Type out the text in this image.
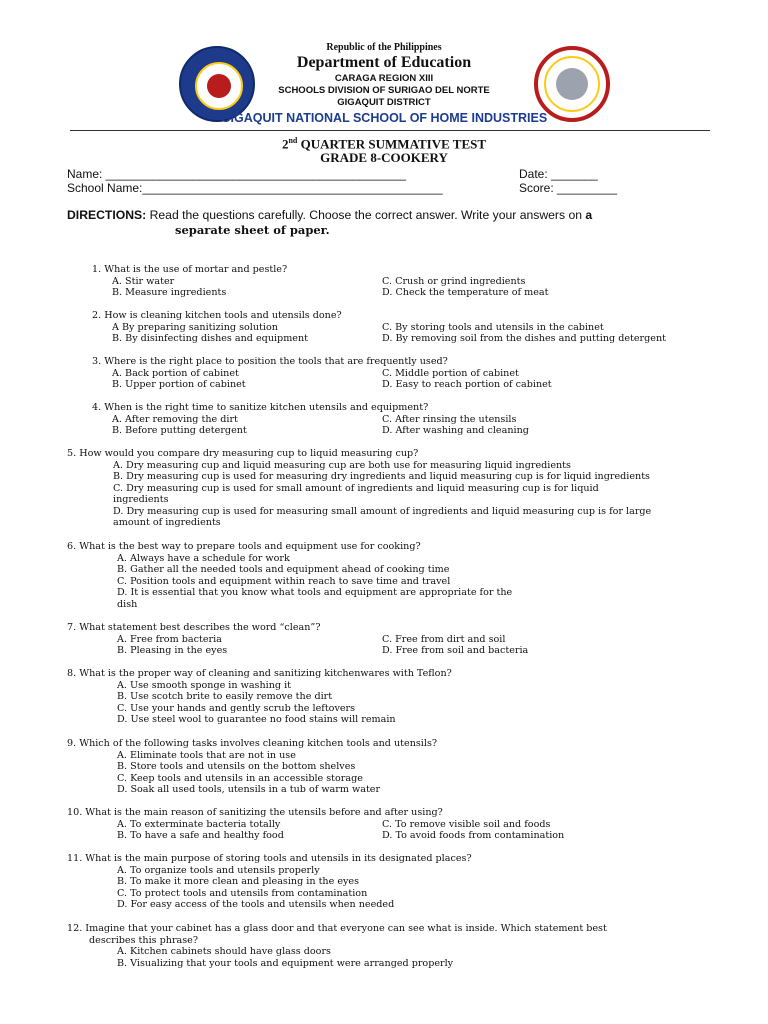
Republic of the Philippines
Department of Education
CARAGA REGION XIII
SCHOOLS DIVISION OF SURIGAO DEL NORTE
GIGAQUIT DISTRICT
GIGAQUIT NATIONAL SCHOOL OF HOME INDUSTRIES
2nd QUARTER SUMMATIVE TEST
GRADE 8-COOKERY
Name: _____________________________________________	Date: _______
School Name:_____________________________________________	Score: _________
DIRECTIONS: Read the questions carefully. Choose the correct answer. Write your answers on a
separate sheet of paper.
1. What is the use of mortar and pestle?
A. Stir water	C. Crush or grind ingredients
B. Measure ingredients	D. Check the temperature of meat
2. How is cleaning kitchen tools and utensils done?
A By preparing sanitizing solution	C. By storing tools and utensils in the cabinet
B. By disinfecting dishes and equipment	D. By removing soil from the dishes and putting detergent
3. Where is the right place to position the tools that are frequently used?
A. Back portion of cabinet	C. Middle portion of cabinet
B. Upper portion of cabinet	D. Easy to reach portion of cabinet
4. When is the right time to sanitize kitchen utensils and equipment?
A. After removing the dirt	C. After rinsing the utensils
B. Before putting detergent	D. After washing and cleaning
5. How would you compare dry measuring cup to liquid measuring cup?
A. Dry measuring cup and liquid measuring cup are both use for measuring liquid ingredients
B. Dry measuring cup is used for measuring dry ingredients and liquid measuring cup is for liquid ingredients
C. Dry measuring cup is used for small amount of ingredients and liquid measuring cup is for liquid
ingredients
D. Dry measuring cup is used for measuring small amount of ingredients and liquid measuring cup is for large
amount of ingredients
6. What is the best way to prepare tools and equipment use for cooking?
A. Always have a schedule for work
B. Gather all the needed tools and equipment ahead of cooking time
C. Position tools and equipment within reach to save time and travel
D. It is essential that you know what tools and equipment are appropriate for the
dish
7. What statement best describes the word “clean”?
A. Free from bacteria	C. Free from dirt and soil
B. Pleasing in the eyes	D. Free from soil and bacteria
8. What is the proper way of cleaning and sanitizing kitchenwares with Teflon?
A. Use smooth sponge in washing it
B. Use scotch brite to easily remove the dirt
C. Use your hands and gently scrub the leftovers
D. Use steel wool to guarantee no food stains will remain
9. Which of the following tasks involves cleaning kitchen tools and utensils?
A. Eliminate tools that are not in use
B. Store tools and utensils on the bottom shelves
C. Keep tools and utensils in an accessible storage
D. Soak all used tools, utensils in a tub of warm water
10. What is the main reason of sanitizing the utensils before and after using?
A. To exterminate bacteria totally	C. To remove visible soil and foods
B. To have a safe and healthy food	D. To avoid foods from contamination
11. What is the main purpose of storing tools and utensils in its designated places?
A. To organize tools and utensils properly
B. To make it more clean and pleasing in the eyes
C. To protect tools and utensils from contamination
D. For easy access of the tools and utensils when needed
12. Imagine that your cabinet has a glass door and that everyone can see what is inside. Which statement best
describes this phrase?
A. Kitchen cabinets should have glass doors
B. Visualizing that your tools and equipment were arranged properly
